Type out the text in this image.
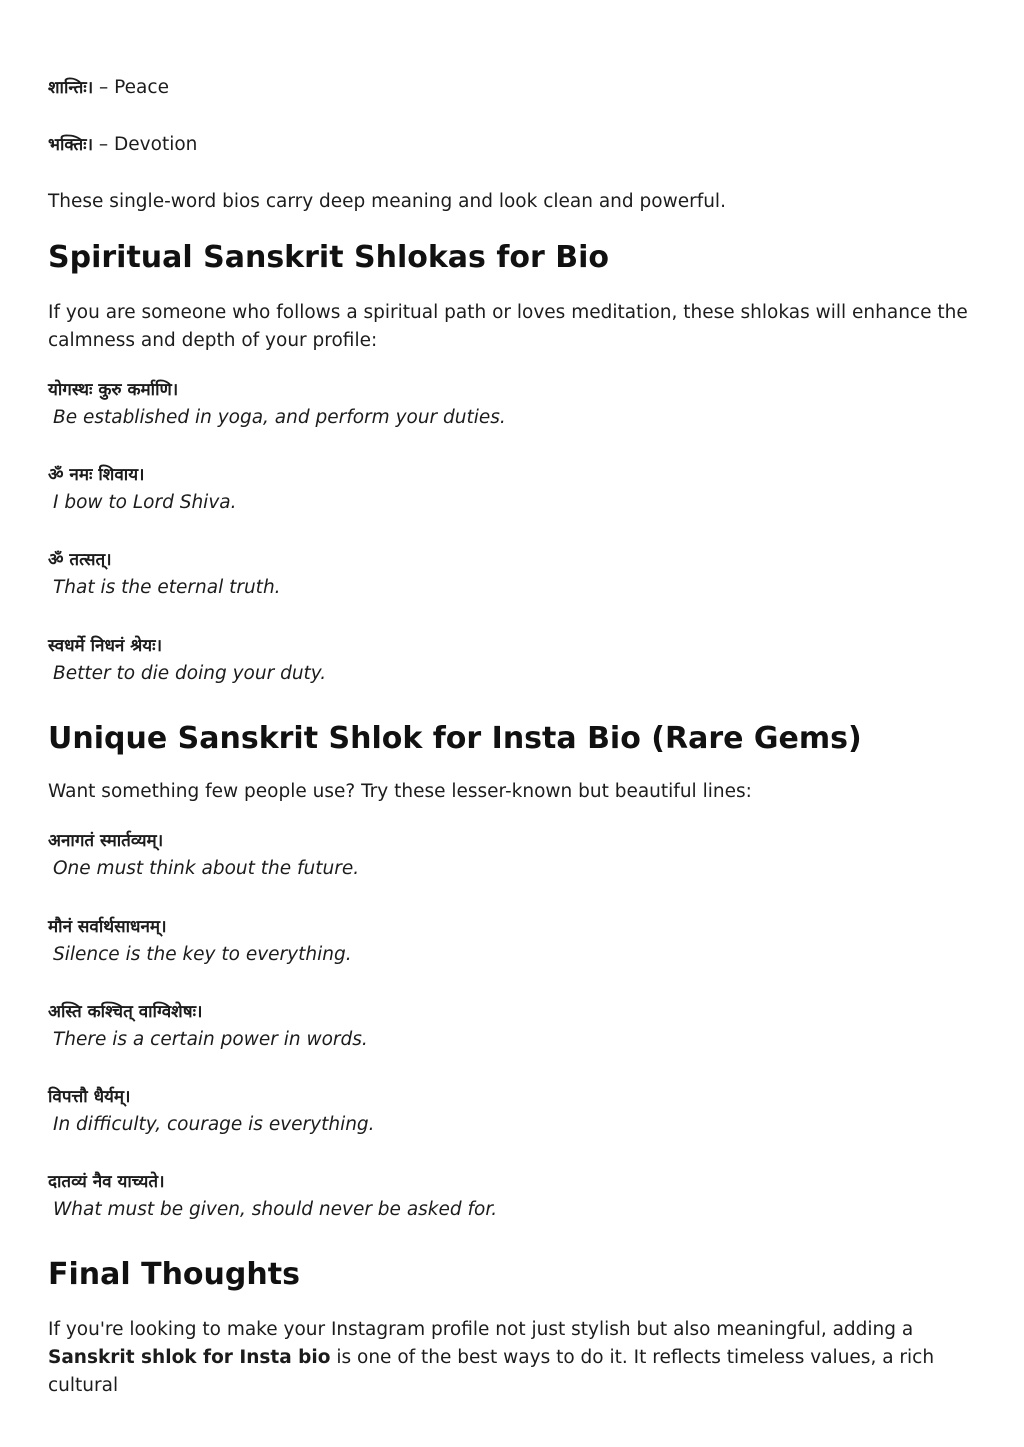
शान्तिः। – Peace
भक्तिः। – Devotion

These single-word bios carry deep meaning and look clean and powerful.

Spiritual Sanskrit Shlokas for Bio

If you are someone who follows a spiritual path or loves meditation, these shlokas will enhance the calmness and depth of your profile:

योगस्थः कुरु कर्माणि।
Be established in yoga, and perform your duties.
ॐ नमः शिवाय।
I bow to Lord Shiva.
ॐ तत्सत्।
That is the eternal truth.
स्वधर्मे निधनं श्रेयः।
Better to die doing your duty.
Unique Sanskrit Shlok for Insta Bio (Rare Gems)

Want something few people use? Try these lesser-known but beautiful lines:

अनागतं स्मार्तव्यम्।
One must think about the future.
मौनं सर्वार्थसाधनम्।
Silence is the key to everything.
अस्ति कश्चित् वाग्विशेषः।
There is a certain power in words.
विपत्तौ धैर्यम्।
In difficulty, courage is everything.
दातव्यं नैव याच्यते।
What must be given, should never be asked for.
Final Thoughts

If you're looking to make your Instagram profile not just stylish but also meaningful, adding a Sanskrit shlok for Insta bio is one of the best ways to do it. It reflects timeless values, a rich cultural
